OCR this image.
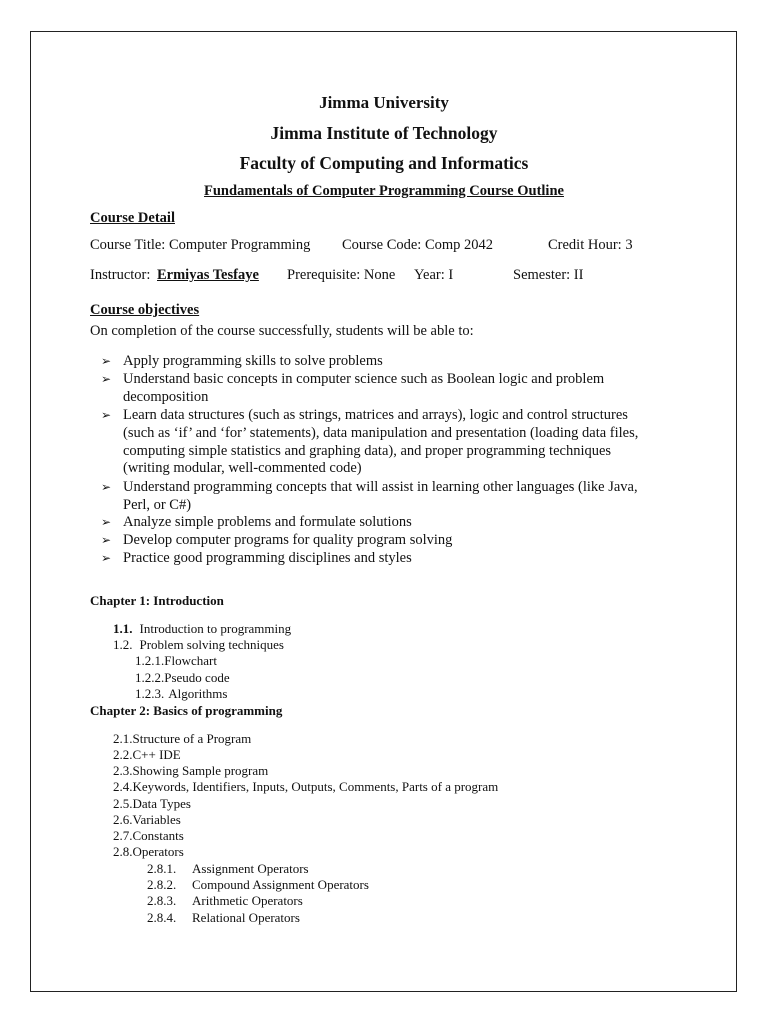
Jimma University
Jimma Institute of Technology
Faculty of Computing and Informatics
Fundamentals of Computer Programming Course Outline
Course Detail
Course Title: Computer Programming Course Code: Comp 2042	Credit Hour: 3
Instructor: Ermiyas Tesfaye Prerequisite: None Year: I	Semester: II
Course objectives
On completion of the course successfully, students will be able to:
➢ Apply programming skills to solve problems
➢ Understand basic concepts in computer science such as Boolean logic and problem
decomposition
➢ Learn data structures (such as strings, matrices and arrays), logic and control structures
(such as ‘if’ and ‘for’ statements), data manipulation and presentation (loading data files,
computing simple statistics and graphing data), and proper programming techniques
(writing modular, well-commented code)
➢ Understand programming concepts that will assist in learning other languages (like Java,
Perl, or C#)
➢ Analyze simple problems and formulate solutions
➢ Develop computer programs for quality program solving
➢ Practice good programming disciplines and styles
Chapter 1: Introduction
1.1. Introduction to programming
1.2. Problem solving techniques
1.2.1.Flowchart
1.2.2.Pseudo code
1.2.3. Algorithms
Chapter 2: Basics of programming
2.1.Structure of a Program
2.2.C++ IDE
2.3.Showing Sample program
2.4.Keywords, Identifiers, Inputs, Outputs, Comments, Parts of a program
2.5.Data Types
2.6.Variables
2.7.Constants
2.8.Operators
2.8.1. Assignment Operators
2.8.2. Compound Assignment Operators
2.8.3. Arithmetic Operators
2.8.4. Relational Operators
